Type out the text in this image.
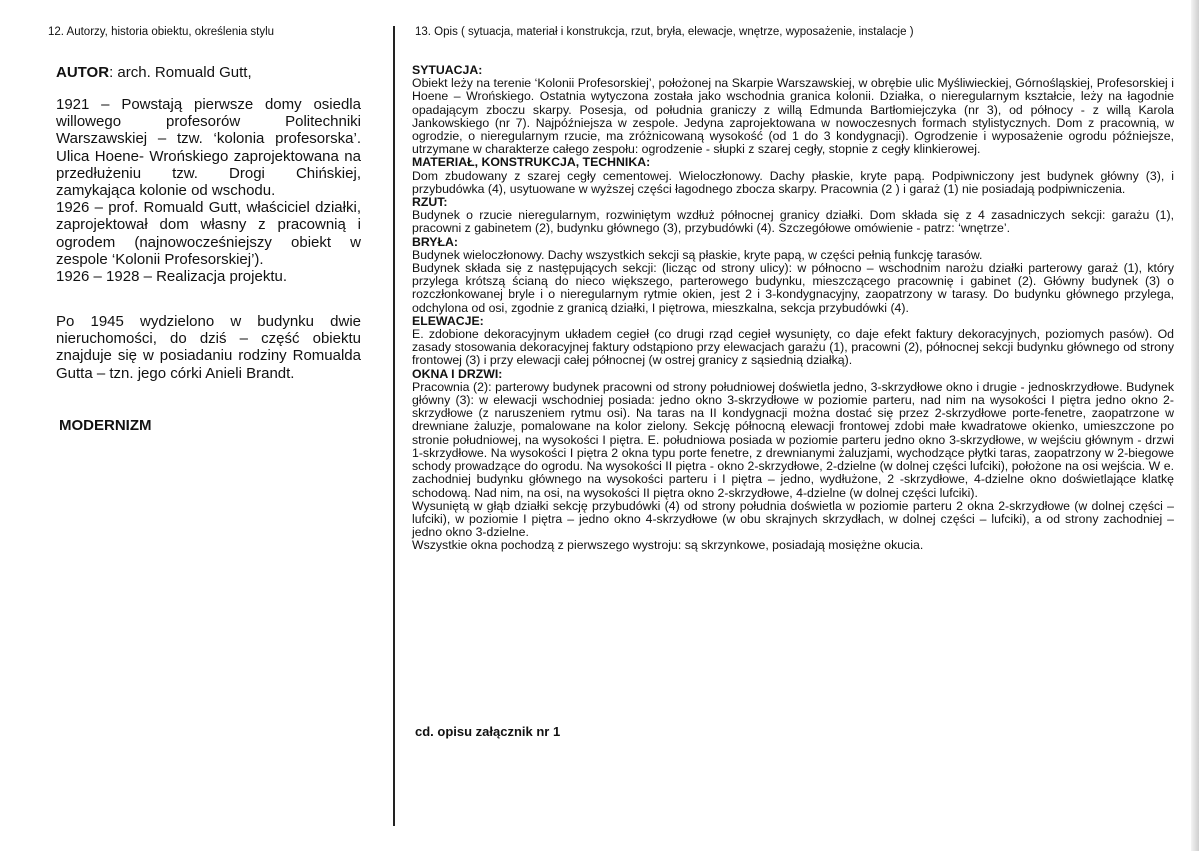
12. Autorzy, historia obiektu, określenia stylu
AUTOR: arch. Romuald Gutt,

1921 – Powstają pierwsze domy osiedla willowego profesorów Politechniki Warszawskiej – tzw. ‘kolonia profesorska’. Ulica Hoene- Wrońskiego zaprojektowana na przedłużeniu tzw. Drogi Chińskiej, zamykająca kolonie od wschodu.

1926 – prof. Romuald Gutt, właściciel działki, zaprojektował dom własny z pracownią i ogrodem (najnowocześniejszy obiekt w zespole ‘Kolonii Profesorskiej’).

1926 – 1928 – Realizacja projektu.

Po 1945 wydzielono w budynku dwie nieruchomości, do dziś – część obiektu znajduje się w posiadaniu rodziny Romualda Gutta – tzn. jego córki Anieli Brandt.

MODERNIZM
13. Opis ( sytuacja, materiał i konstrukcja, rzut, bryła, elewacje, wnętrze, wyposażenie, instalacje )
SYTUACJA:

Obiekt leży na terenie ‘Kolonii Profesorskiej’, położonej na Skarpie Warszawskiej, w obrębie ulic Myśliwieckiej, Górnośląskiej, Profesorskiej i Hoene – Wrońskiego. Ostatnia wytyczona została jako wschodnia granica kolonii. Działka, o nieregularnym kształcie, leży na łagodnie opadającym zboczu skarpy. Posesja, od południa graniczy z willą Edmunda Bartłomiejczyka (nr 3), od północy - z willą Karola Jankowskiego (nr 7). Najpóźniejsza w zespole. Jedyna zaprojektowana w nowoczesnych formach stylistycznych. Dom z pracownią, w ogrodzie, o nieregularnym rzucie, ma zróżnicowaną wysokość (od 1 do 3 kondygnacji). Ogrodzenie i wyposażenie ogrodu późniejsze, utrzymane w charakterze całego zespołu: ogrodzenie - słupki z szarej cegły, stopnie z cegły klinkierowej.

MATERIAŁ, KONSTRUKCJA, TECHNIKA:

Dom zbudowany z szarej cegły cementowej. Wieloczłonowy. Dachy płaskie, kryte papą. Podpiwniczony jest budynek główny (3), i przybudówka (4), usytuowane w wyższej części łagodnego zbocza skarpy. Pracownia (2 ) i garaż (1) nie posiadają podpiwniczenia.

RZUT:

Budynek o rzucie nieregularnym, rozwiniętym wzdłuż północnej granicy działki. Dom składa się z 4 zasadniczych sekcji: garażu (1), pracowni z gabinetem (2), budynku głównego (3), przybudówki (4). Szczegółowe omówienie - patrz: ‘wnętrze’.

BRYŁA:

Budynek wieloczłonowy. Dachy wszystkich sekcji są płaskie, kryte papą, w części pełnią funkcję tarasów.

Budynek składa się z następujących sekcji: (licząc od strony ulicy): w północno – wschodnim narożu działki parterowy garaż (1), który przylega krótszą ścianą do nieco większego, parterowego budynku, mieszczącego pracownię i gabinet (2). Główny budynek (3) o rozczłonkowanej bryle i o nieregularnym rytmie okien, jest 2 i 3-kondygnacyjny, zaopatrzony w tarasy. Do budynku głównego przylega, odchylona od osi, zgodnie z granicą działki, I piętrowa, mieszkalna, sekcja przybudówki (4).

ELEWACJE:

E. zdobione dekoracyjnym układem cegieł (co drugi rząd cegieł wysunięty, co daje efekt faktury dekoracyjnych, poziomych pasów). Od zasady stosowania dekoracyjnej faktury odstąpiono przy elewacjach garażu (1), pracowni (2), północnej sekcji budynku głównego od strony frontowej (3) i przy elewacji całej północnej (w ostrej granicy z sąsiednią działką).

OKNA I DRZWI:

Pracownia (2): parterowy budynek pracowni od strony południowej doświetla jedno, 3-skrzydłowe okno i drugie - jednoskrzydłowe. Budynek główny (3): w elewacji wschodniej posiada: jedno okno 3-skrzydłowe w poziomie parteru, nad nim na wysokości I piętra jedno okno 2-skrzydłowe (z naruszeniem rytmu osi). Na taras na II kondygnacji można dostać się przez 2-skrzydłowe porte-fenetre, zaopatrzone w drewniane żaluzje, pomalowane na kolor zielony. Sekcję północną elewacji frontowej zdobi małe kwadratowe okienko, umieszczone po stronie południowej, na wysokości I piętra. E. południowa posiada w poziomie parteru jedno okno 3-skrzydłowe, w wejściu głównym - drzwi 1-skrzydłowe. Na wysokości I piętra 2 okna typu porte fenetre, z drewnianymi żaluzjami, wychodzące płytki taras, zaopatrzony w 2-biegowe schody prowadzące do ogrodu. Na wysokości II piętra - okno 2-skrzydłowe, 2-dzielne (w dolnej części lufciki), położone na osi wejścia. W e. zachodniej budynku głównego na wysokości parteru i I piętra – jedno, wydłużone, 2 -skrzydłowe, 4-dzielne okno doświetlające klatkę schodową. Nad nim, na osi, na wysokości II piętra okno 2-skrzydłowe, 4-dzielne (w dolnej części lufciki).

Wysuniętą w głąb działki sekcję przybudówki (4) od strony południa doświetla w poziomie parteru 2 okna 2-skrzydłowe (w dolnej części – lufciki), w poziomie I piętra – jedno okno 4-skrzydłowe (w obu skrajnych skrzydłach, w dolnej części – lufciki), a od strony zachodniej – jedno okno 3-dzielne.

Wszystkie okna pochodzą z pierwszego wystroju: są skrzynkowe, posiadają mosiężne okucia.

cd. opisu załącznik nr 1
